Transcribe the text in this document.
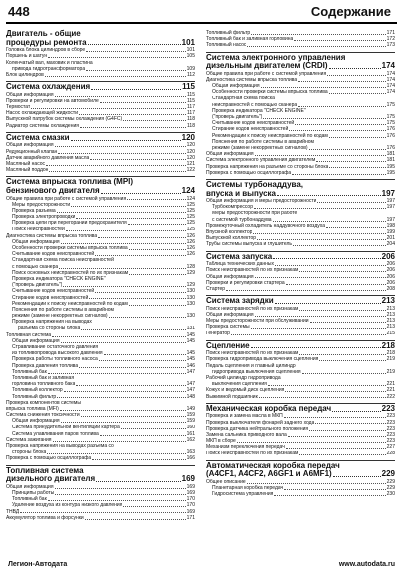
448	Содержание
Двигатель - общие
процедуры ремонта	101
Головка блока цилиндров в сборе	101
Поршень и шатун	105
Коленчатый вал, маховик и пластина
привода гидротрансформатора	109
Блок цилиндров	112
Система охлаждения	115
Общая информация	115
Проверки и регулировки на автомобиле	115
Термостат	117
Насос охлаждающей жидкости	117
Выпускной патрубок системы охлаждения (G4FC)	118
Радиатор системы охлаждения	118
Система смазки	120
Общая информация	120
Редукционный клапан	120
Датчик аварийного давления масла	120
Масляный насос	121
Масляный поддон	122
Система впрыска топлива (MPI)
бензинового двигателя	124
Общие правила при работе с системой управления	124
Меры предосторожности	125
Проверка разъема	125
Проверка электропроводки	125
Проверка цепи при перегорании предохранителя	125
Поиск неисправностей	125
Диагностика системы впрыска топлива	126
Общая информация	126
Особенности проверки системы впрыска топлива	126
Считывание кодов неисправностей	126
Стандартная схема поиска неисправностей
с помощью сканера	128
Поиск основных неисправностей по их признакам	129
Проверка индикатора "CHECK ENGINE"
("проверь двигатель")	129
Считывание кодов неисправностей	130
Стирание кодов неисправностей	130
Рекомендации к поиску неисправностей по кодам	130
Пояснения по работе системы в аварийном
режиме (замене некорректных сигналов)	130
Проверка напряжения на выводах
разъема со стороны блока	131
Топливная система	145
Общая информация	145
Стравливание остаточного давления
из топливопровода высокого давления	145
Проверка работы топливного насоса	145
Проверка давления топлива	146
Топливный бак	147
Топливный бак и заливная
горловина топливного бака	147
Топливный коллектор	147
Топливный фильтр	148
Проверка компонентов системы
впрыска топлива (MFI)	149
Система снижения токсичности	159
Общая информация	159
Система принудительной вентиляции картера	160
Система улавливания паров топлива	161
Система зажигания	162
Проверка напряжения на выводах разъема со
стороны блока	163
Проверка с помощью осциллографа	166
Топливная система
дизельного двигателя	169
Общая информация	169
Принципы работы	169
Топливный бак	170
Удаление воздуха из контура низкого давления	170
ТНВД	169
Аккумулятор топлива и форсунки	171
Топливный фильтр	171
Топливный бак и заливная горловина	172
Топливный насос	173
Система электронного управления
дизельным двигателем (CRDI)	174
Общие правила при работе с системой управления	174
Диагностика системы впрыска топлива	174
Общая информация	174
Особенности проверки системы впрыска топлива	174
Стандартная схема поиска
неисправностей с помощью сканера	175
Проверка индикатора "CHECK ENGINE"
("проверь двигатель")	175
Считывание кодов неисправностей	175
Стирание кодов неисправностей	176
Рекомендации к поиску неисправностей по кодам	176
Пояснения по работе системы в аварийном
режиме (замене некорректных сигналов)	176
Общая информация	181
Система электронного управления двигателем	181
Проверка напряжения на разъеме со стороны блока	195
Проверка с помощью осциллографа	195
Системы турбонаддува,
впуска и выпуска	197
Общая информация и меры предосторожности	197
Турбокомпрессор	197
Меры предосторожности при работе
с системой турбонаддува	197
Промежуточный охладитель наддувочного воздуха	198
Впускной коллектор	199
Выпускной коллектор	201
Трубы системы выпуска и глушитель	204
Система запуска	206
Таблица технических данных	206
Поиск неисправностей по их признакам	206
Общая информация	206
Проверки и регулировки стартера	206
Стартер	208
Система зарядки	213
Поиск неисправностей по их признакам	213
Общая информация	213
Меры предосторожности при обслуживании	213
Проверка системы	213
Генератор	215
Сцепление	218
Поиск неисправностей по их признакам	218
Проверка гидропривода выключения сцепления	219
Педаль сцепления и главный цилиндр
гидропривода выключения сцепления	219
Рабочий цилиндр гидропривода
выключения сцепления	221
Кожух и ведомый диск сцепления	221
Выжимной подшипник	222
Механическая коробка передач	223
Проверка и замена масла в МКП	223
Проверка выключателя фонарей заднего хода	223
Проверка датчика нейтрального положения	223
Замена сальника приводного вала	223
МКП в сборе	223
Механизм переключения передач	227
Поиск неисправностей по их признакам	228
Автоматическая коробка передач
(A4CF1, A4CF2, A6GF1 и A6MF1)	229
Общее описание	229
Планетарная коробка передач	229
Гидросистема управления	230
Легион-Автодата	www.autodata.ru
